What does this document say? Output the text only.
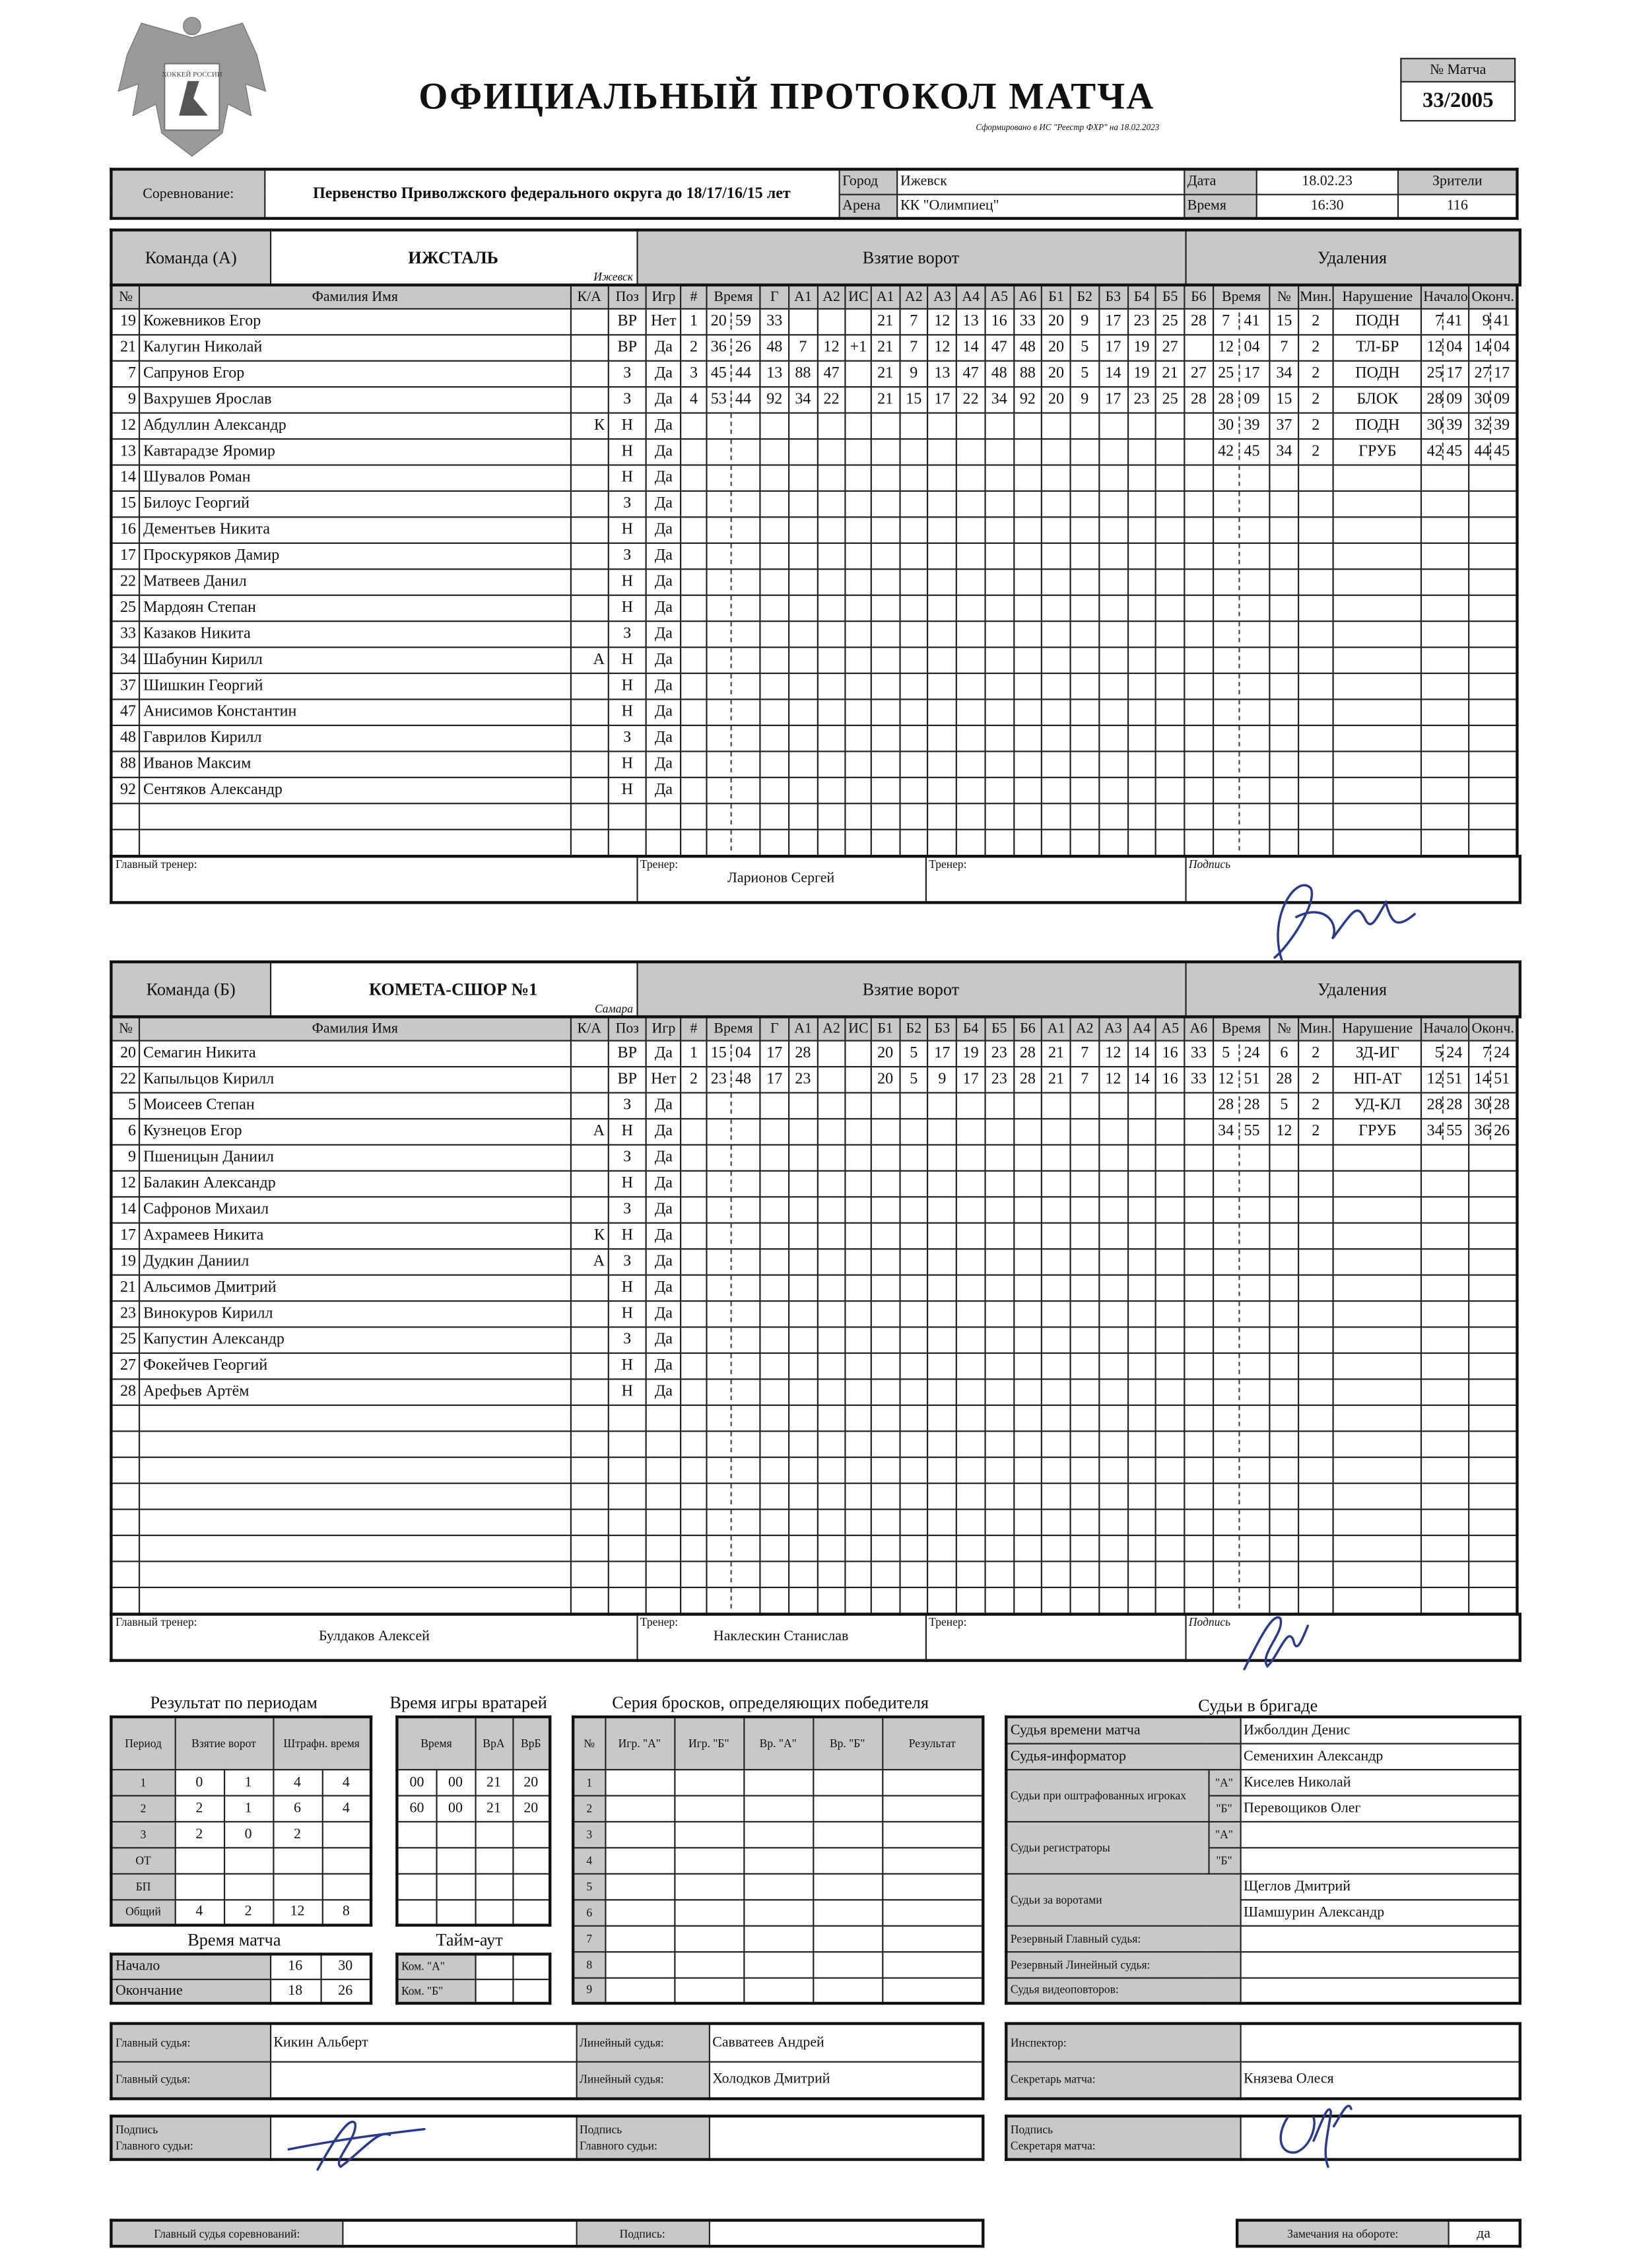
ХОККЕЙ РОССИИ	ОФИЦИАЛЬНЫЙ ПРОТОКОЛ МАТЧА
Сформировано в ИС "Реестр ФХР" на 18.02.2023
№ Матча
33/2005
Соревнование:	Первенство Приволжского федерального округа до 18/17/16/15 лет	Город	Ижевск	Дата	18.02.23	Зрители
		Арена	КК "Олимпиец"	Время	16:30	116
Команда (А)	ИЖСТАЛЬ
Ижевск
	Взятие ворот	Удаления
№	Фамилия Имя	К/А	Поз	Игр	#	Время	Г	А1	А2	ИС	А1	А2	А3	А4	А5	А6	Б1	Б2	Б3	Б4	Б5	Б6	Время	№	Мин.	Нарушение	Начало	Оконч.
19	Кожевников Егор		ВР	Нет	1	20 59	33				21	7	12	13	16	33	20	9	17	23	25	28	7 41	15	2	ПОДН	7 41	9 41
21	Калугин Николай		ВР	Да	2	36 26	48	7	12	+1	21	7	12	14	47	48	20	5	17	19	27		12 04	7	2	ТЛ-БР	12 04	14 04
7	Сапрунов Егор		З	Да	3	45 44	13	88	47		21	9	13	47	48	88	20	5	14	19	21	27	25 17	34	2	ПОДН	25 17	27 17
9	Вахрушев Ярослав		З	Да	4	53 44	92	34	22		21	15	17	22	34	92	20	9	17	23	25	28	28 09	15	2	БЛОК	28 09	30 09
12	Абдуллин Александр	К	Н	Да																			30 39	37	2	ПОДН	30 39	32 39
13	Кавтарадзе Яромир		Н	Да																			42 45	34	2	ГРУБ	42 45	44 45
14	Шувалов Роман		Н	Да																								
15	Билоус Георгий		З	Да																								
16	Дементьев Никита		Н	Да																								
17	Проскуряков Дамир		З	Да																								
22	Матвеев Данил		Н	Да																								
25	Мардоян Степан		Н	Да																								
33	Казаков Никита		З	Да																								
34	Шабунин Кирилл	А	Н	Да																								
37	Шишкин Георгий		Н	Да																								
47	Анисимов Константин		Н	Да																								
48	Гаврилов Кирилл		З	Да																								
88	Иванов Максим		Н	Да																								
92	Сентяков Александр		Н	Да																								

Главный тренер:	Тренер:
Ларионов Сергей

Тренер:	Подпись
Команда (Б)	КОМЕТА-СШОР №1
Самара
	Взятие ворот	Удаления
№	Фамилия Имя	К/А	Поз	Игр	#	Время	Г	А1	А2	ИС	Б1	Б2	Б3	Б4	Б5	Б6	А1	А2	А3	А4	А5	А6	Время	№	Мин.	Нарушение	Начало	Оконч.
20	Семагин Никита		ВР	Да	1	15 04	17	28			20	5	17	19	23	28	21	7	12	14	16	33	5 24	6	2	ЗД-ИГ	5 24	7 24
22	Капыльцов Кирилл		ВР	Нет	2	23 48	17	23			20	5	9	17	23	28	21	7	12	14	16	33	12 51	28	2	НП-АТ	12 51	14 51
5	Моисеев Степан		З	Да																			28 28	5	2	УД-КЛ	28 28	30 28
6	Кузнецов Егор	А	Н	Да																			34 55	12	2	ГРУБ	34 55	36 26
9	Пшеницын Даниил		З	Да																								
12	Балакин Александр		Н	Да																								
14	Сафронов Михаил		З	Да																								
17	Ахрамеев Никита	К	Н	Да																								
19	Дудкин Даниил	А	З	Да																								
21	Альсимов Дмитрий		Н	Да																								
23	Винокуров Кирилл		Н	Да																								
25	Капустин Александр		З	Да																								
27	Фокейчев Георгий		Н	Да																								
28	Арефьев Артём		Н	Да																								

Главный тренер:
Булдаков Алексей

Тренер:
Наклескин Станислав

Тренер:	Подпись
Результат по периодам	Время игры вратарей	Серия бросков, определяющих победителя	Судьи в бригаде
Период	Взятие ворот		Штрафн. время	
1	0	1	4	4
2	2	1	6	4
3	2	0	2	
ОТ				
БП				
Общий	4	2	12	8
Время		ВрА	ВрБ
00	00	21	20
60	00	21	20

№	Игр. "А"	Игр. "Б"	Вр. "А"	Вр. "Б"	Результат
1					
2					
3					
4					
5					
6					
7					
8					
9					
Время матча	Тайм-аут
Начало	16	30
Окончание	18	26
Ком. "А"		
Ком. "Б"		
Судья времени матча		Ижболдин Денис
Судья-информатор		Семенихин Александр
Судьи при оштрафованных игроках	"А"	Киселев Николай
	"Б"	Перевощиков Олег
Судьи регистраторы	"А"	
	"Б"	
Судьи за воротами		Щеглов Дмитрий
		Шамшурин Александр
Резервный Главный судья:		
Резервный Линейный судья:		
Судья видеоповторов:		
Главный судья:	Кикин Альберт	Линейный судья:	Савватеев Андрей
Главный судья:		Линейный судья:	Холодков Дмитрий
Инспектор:	
Секретарь матча:	Князева Олеся
Подпись
Главного судьи:		Подпись
Главного судьи:	
Подпись
Секретаря матча:	
Главный судья соревнований:		Подпись:		Замечания на обороте:	да
